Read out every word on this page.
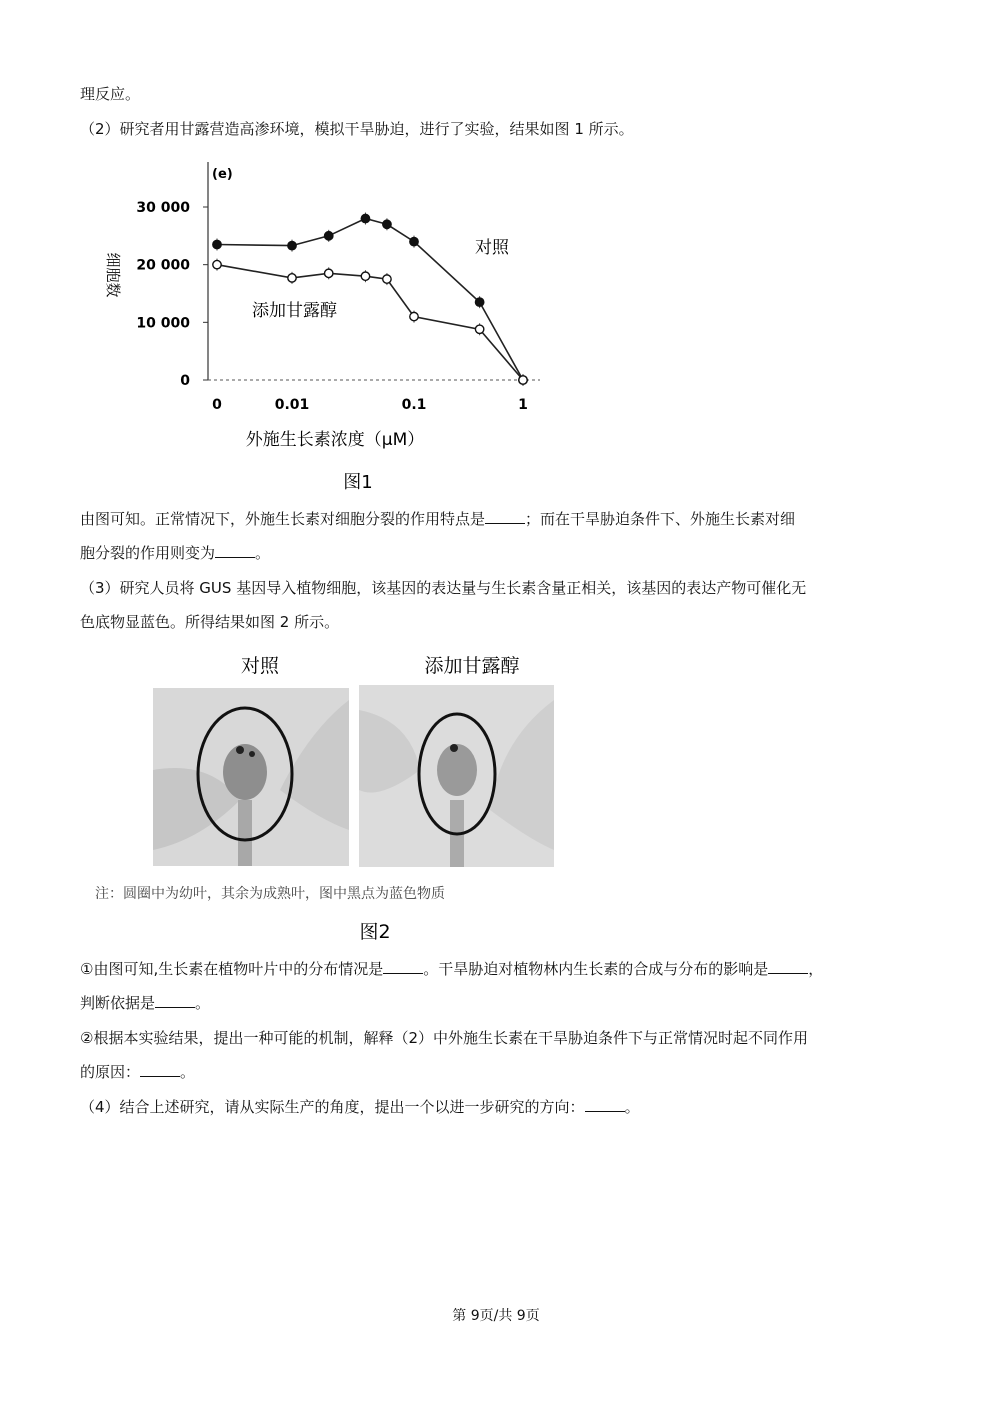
理反应。
（2）研究者用甘露营造高渗环境，模拟干旱胁迫，进行了实验，结果如图 1 所示。
(e)
细胞数
0
10 000
20 000
30 000
0	0.01	0.1	1
对照
添加甘露醇
外施生长素浓度（μM）
图1
由图可知。正常情况下，外施生长素对细胞分裂的作用特点是	；而在干旱胁迫条件下、外施生长素对细
胞分裂的作用则变为	。
（3）研究人员将 GUS 基因导入植物细胞，该基因的表达量与生长素含量正相关，该基因的表达产物可催化无
色底物显蓝色。所得结果如图 2 所示。
对照	添加甘露醇
注：圆圈中为幼叶，其余为成熟叶，图中黑点为蓝色物质
图2
①由图可知,生长素在植物叶片中的分布情况是	。干旱胁迫对植物林内生长素的合成与分布的影响是	，
判断依据是	。
②根据本实验结果，提出一种可能的机制，解释（2）中外施生长素在干旱胁迫条件下与正常情况时起不同作用
的原因：	。
（4）结合上述研究，请从实际生产的角度，提出一个以进一步研究的方向：	。
第 9页/共 9页
